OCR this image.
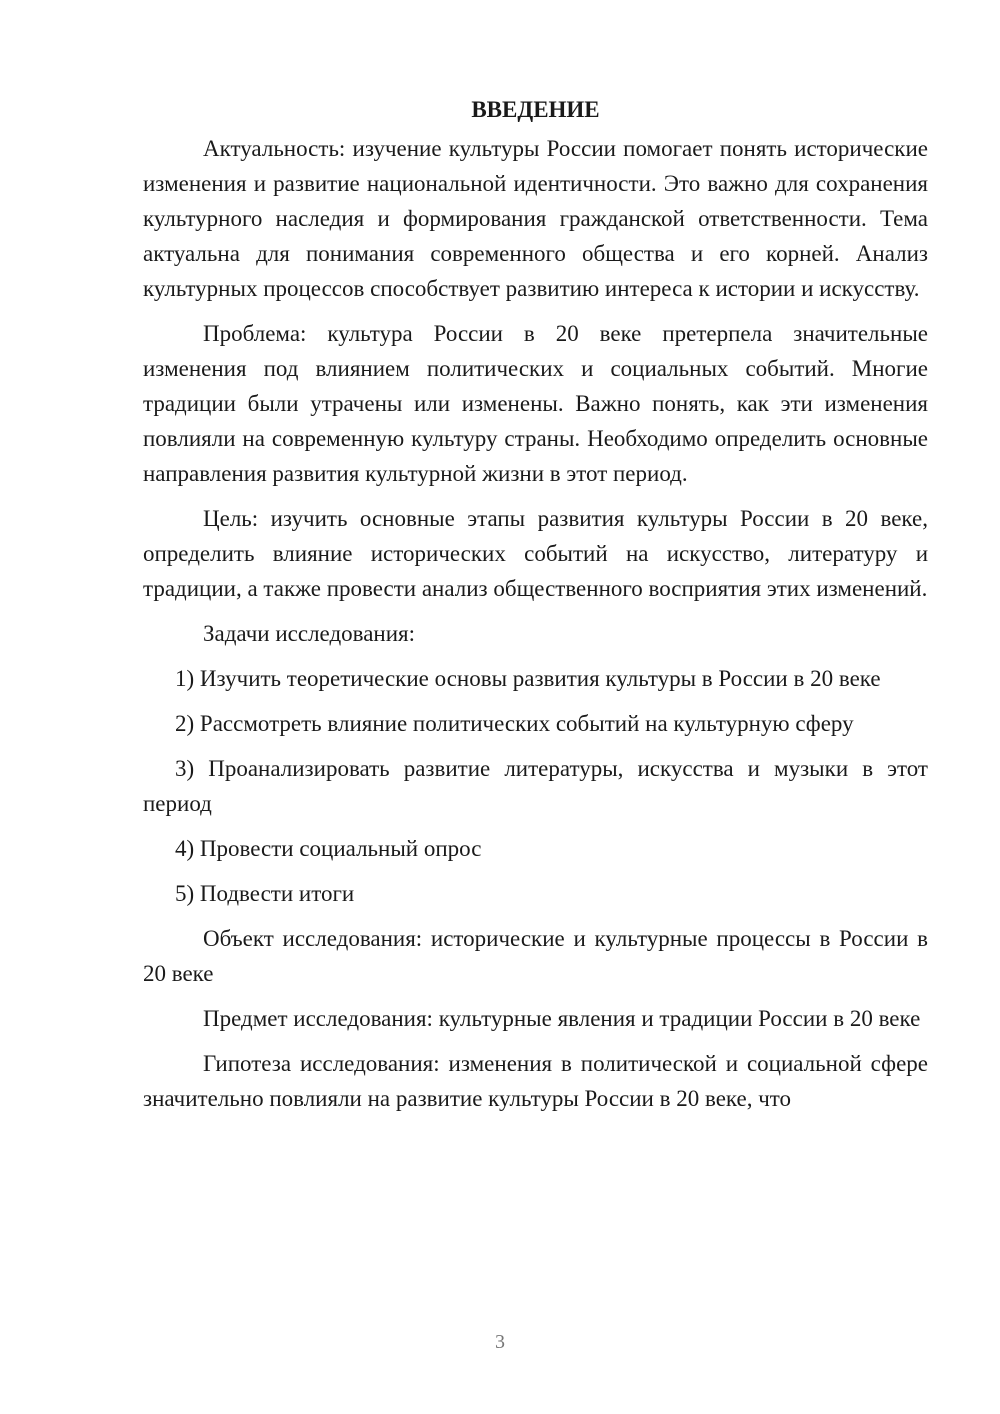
ВВЕДЕНИЕ

Актуальность: изучение культуры России помогает понять исторические изменения и развитие национальной идентичности. Это важно для сохранения культурного наследия и формирования гражданской ответственности. Тема актуальна для понимания современного общества и его корней. Анализ культурных процессов способствует развитию интереса к истории и искусству.

Проблема: культура России в 20 веке претерпела значительные изменения под влиянием политических и социальных событий. Многие традиции были утрачены или изменены. Важно понять, как эти изменения повлияли на современную культуру страны. Необходимо определить основные направления развития культурной жизни в этот период.

Цель: изучить основные этапы развития культуры России в 20 веке, определить влияние исторических событий на искусство, литературу и традиции, а также провести анализ общественного восприятия этих изменений.

Задачи исследования:

1) Изучить теоретические основы развития культуры в России в 20 веке

2) Рассмотреть влияние политических событий на культурную сферу

3) Проанализировать развитие литературы, искусства и музыки в этот период

4) Провести социальный опрос

5) Подвести итоги

Объект исследования: исторические и культурные процессы в России в 20 веке

Предмет исследования: культурные явления и традиции России в 20 веке

Гипотеза исследования: изменения в политической и социальной сфере значительно повлияли на развитие культуры России в 20 веке, что

3
